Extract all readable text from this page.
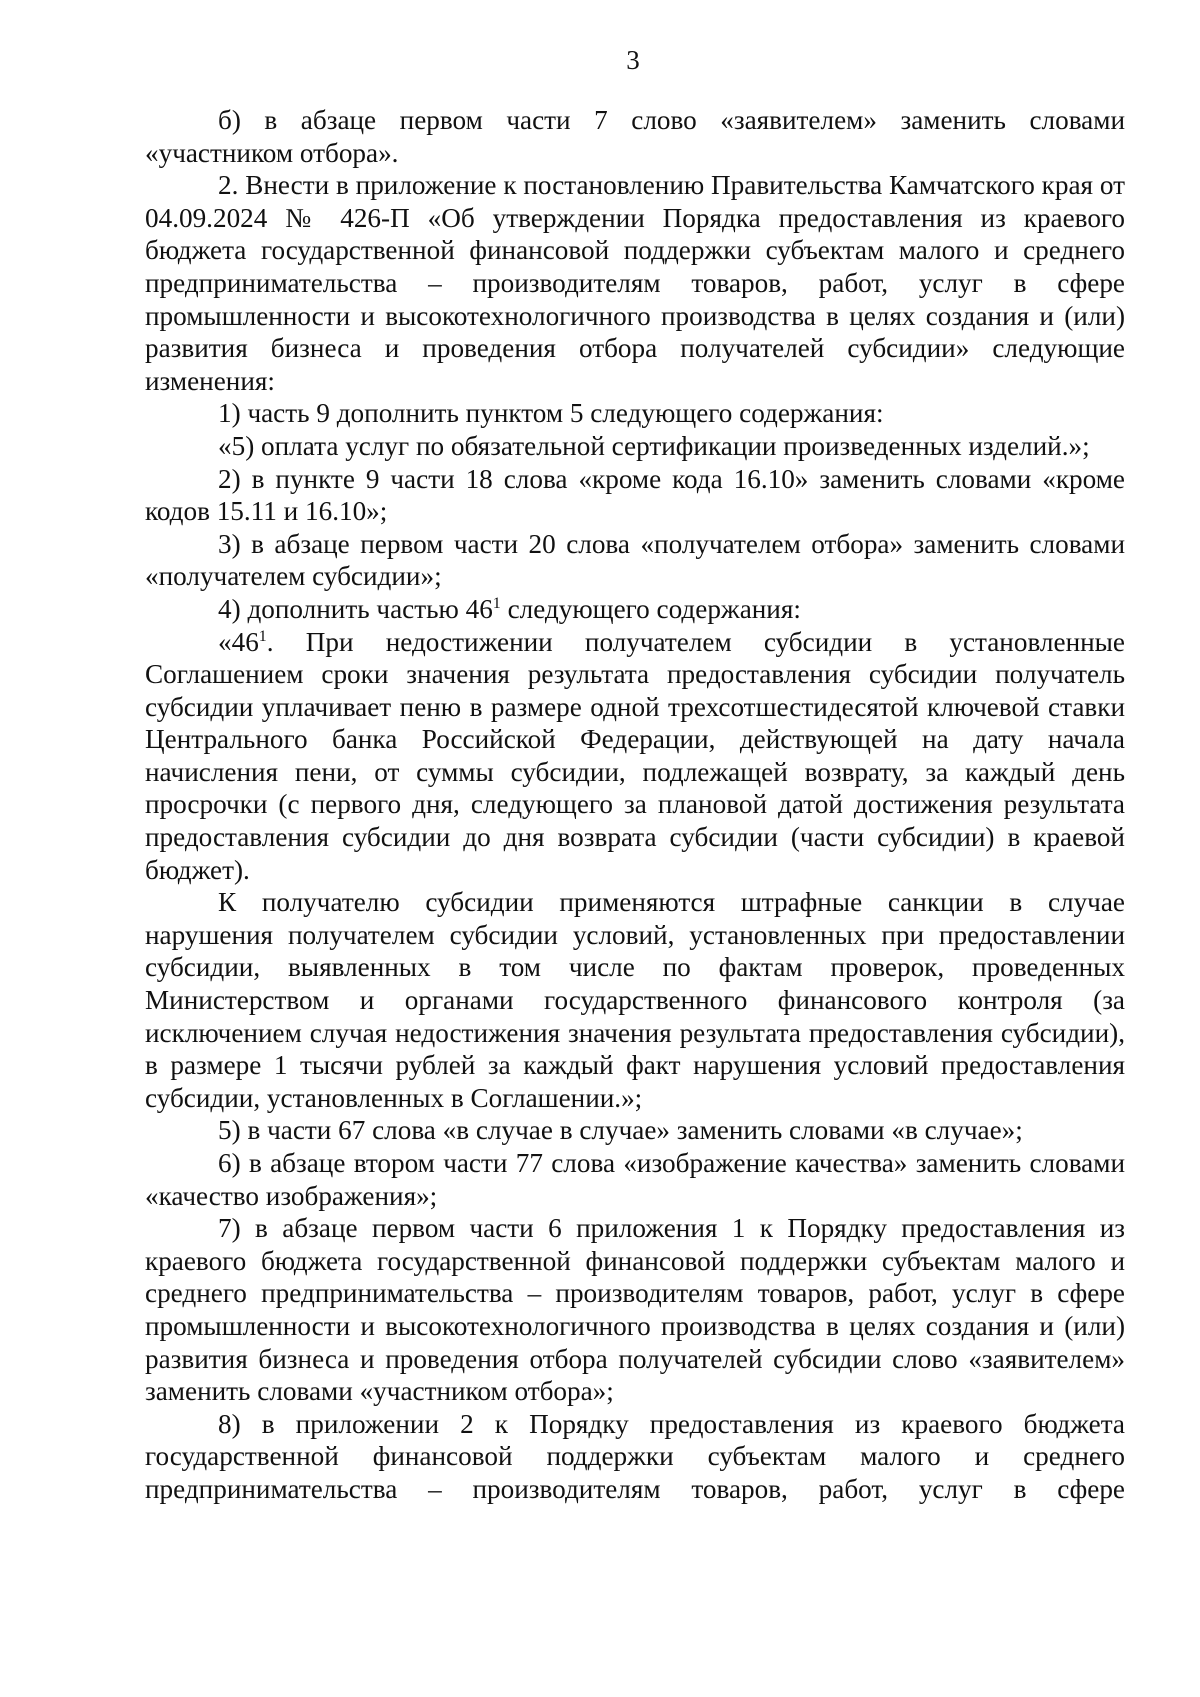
3

б) в абзаце первом части 7 слово «заявителем» заменить словами «участником отбора».

2. Внести в приложение к постановлению Правительства Камчатского края от 04.09.2024 № 426-П «Об утверждении Порядка предоставления из краевого бюджета государственной финансовой поддержки субъектам малого и среднего предпринимательства – производителям товаров, работ, услуг в сфере промышленности и высокотехнологичного производства в целях создания и (или) развития бизнеса и проведения отбора получателей субсидии» следующие изменения:

1) часть 9 дополнить пунктом 5 следующего содержания:

«5) оплата услуг по обязательной сертификации произведенных изделий.»;

2) в пункте 9 части 18 слова «кроме кода 16.10» заменить словами «кроме кодов 15.11 и 16.10»;

3) в абзаце первом части 20 слова «получателем отбора» заменить словами «получателем субсидии»;

4) дополнить частью $46^1$ следующего содержания:

«$46^1$. При недостижении получателем субсидии в установленные Соглашением сроки значения результата предоставления субсидии получатель субсидии уплачивает пеню в размере одной трехсотшестидесятой ключевой ставки Центрального банка Российской Федерации, действующей на дату начала начисления пени, от суммы субсидии, подлежащей возврату, за каждый день просрочки (с первого дня, следующего за плановой датой достижения результата предоставления субсидии до дня возврата субсидии (части субсидии) в краевой бюджет).

К получателю субсидии применяются штрафные санкции в случае нарушения получателем субсидии условий, установленных при предоставлении субсидии, выявленных в том числе по фактам проверок, проведенных Министерством и органами государственного финансового контроля (за исключением случая недостижения значения результата предоставления субсидии), в размере 1 тысячи рублей за каждый факт нарушения условий предоставления субсидии, установленных в Соглашении.»;

5) в части 67 слова «в случае в случае» заменить словами «в случае»;

6) в абзаце втором части 77 слова «изображение качества» заменить словами «качество изображения»;

7) в абзаце первом части 6 приложения 1 к Порядку предоставления из краевого бюджета государственной финансовой поддержки субъектам малого и среднего предпринимательства – производителям товаров, работ, услуг в сфере промышленности и высокотехнологичного производства в целях создания и (или) развития бизнеса и проведения отбора получателей субсидии слово «заявителем» заменить словами «участником отбора»;

8) в приложении 2 к Порядку предоставления из краевого бюджета государственной финансовой поддержки субъектам малого и среднего предпринимательства – производителям товаров, работ, услуг в сфере
